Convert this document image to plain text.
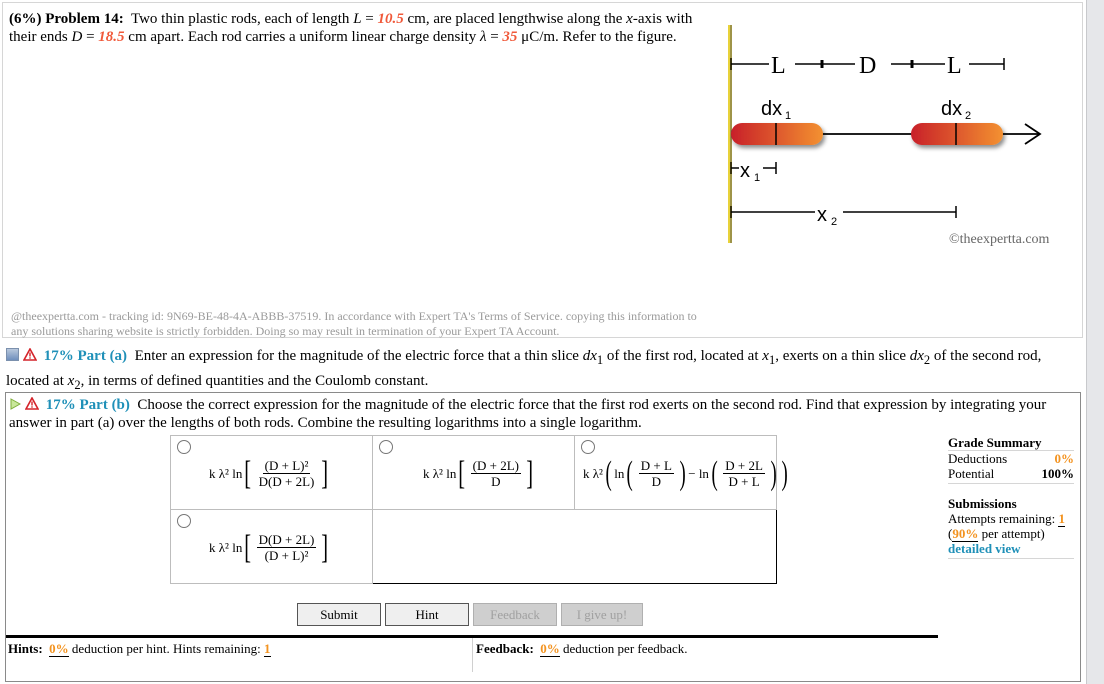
(6%) Problem 14: Two thin plastic rods, each of length L = 10.5 cm, are placed lengthwise along the x-axis with their ends D = 18.5 cm apart. Each rod carries a uniform linear charge density λ = 35 μC/m. Refer to the figure.
L	D	L
dx 1	dx 2
x 1
x 2
©theexpertta.com
@theexpertta.com - tracking id: 9N69-BE-48-4A-ABBB-37519. In accordance with Expert TA's Terms of Service. copying this information to any solutions sharing website is strictly forbidden. Doing so may result in termination of your Expert TA Account.
17% Part (a) Enter an expression for the magnitude of the electric force that a thin slice $dx_1$ of the first rod, located at $x_1$, exerts on a thin slice $dx_2$ of the second rod, located at $x_2$, in terms of defined quantities and the Coulomb constant.
17% Part (b) Choose the correct expression for the magnitude of the electric force that the first rod exerts on the second rod. Find that expression by integrating your answer in part (a) over the lengths of both rods. Combine the resulting logarithms into a single logarithm.
k λ² ln [ $\frac{\text{(D + L)²}}{D(D + 2L)}$ ]	k λ² ln [ $\frac{(D + 2L)}{D}$ ]	k λ² ( ln ( $\frac{D + L}{D}$ ) − ln ( $\frac{D + 2L}{D + L}$ ) )

k λ² ln [ $\frac{D(D + 2L)}{\text{(D + L)²}}$ ]		

Grade Summary
Deductions	0%
Potential	100%
Submissions
Attempts remaining: 1
(90% per attempt)
detailed view
Submit	Hint	Feedback	I give up!
Hints: 0% deduction per hint. Hints remaining: 1	Feedback: 0% deduction per feedback.
